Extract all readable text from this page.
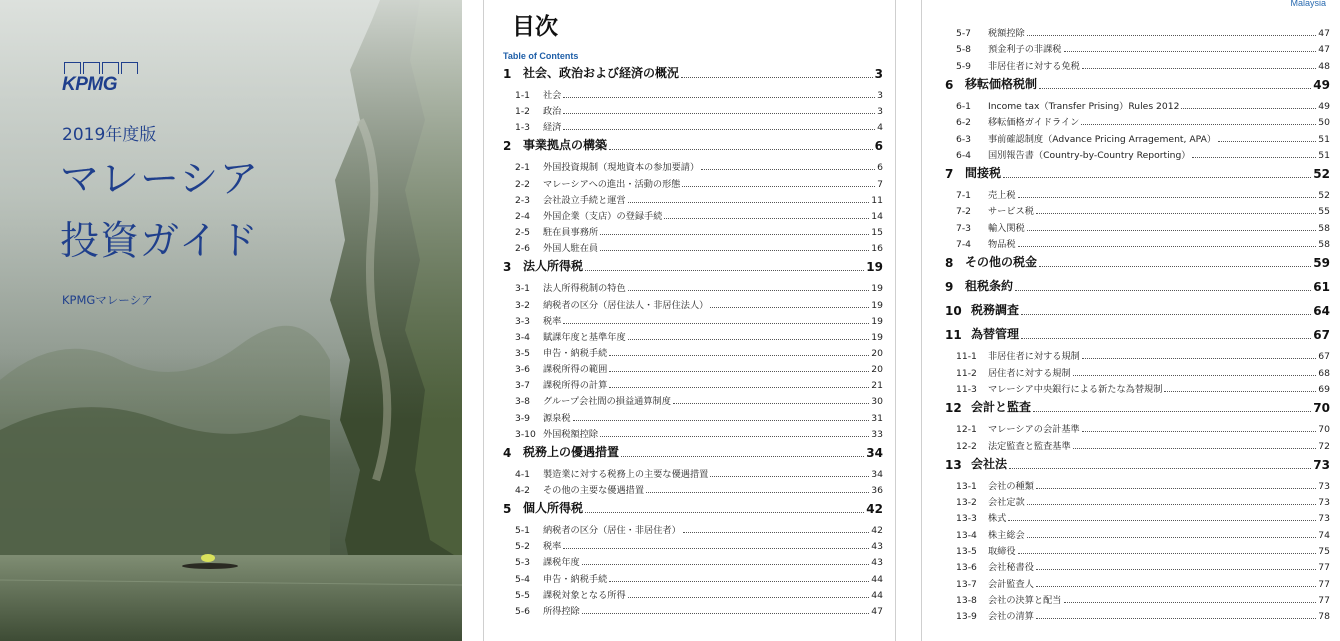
KPMG
2019年度版
マレーシア
投資ガイド
KPMGマレーシア
目次
Table of Contents
1 社会、政治および経済の概況	3
1-1	社会	3
1-2	政治	3
1-3	経済	4
2 事業拠点の構築	6
2-1	外国投資規制（現地資本の参加要請）	6
2-2	マレーシアへの進出・活動の形態	7
2-3	会社設立手続と運営	11
2-4	外国企業（支店）の登録手続	14
2-5	駐在員事務所	15
2-6	外国人駐在員	16
3 法人所得税	19
3-1	法人所得税制の特色	19
3-2	納税者の区分（居住法人・非居住法人）	19
3-3	税率	19
3-4	賦課年度と基準年度	19
3-5	申告・納税手続	20
3-6	課税所得の範囲	20
3-7	課税所得の計算	21
3-8	グループ会社間の損益通算制度	30
3-9	源泉税	31
3-10 外国税額控除	33
4 税務上の優遇措置	34
4-1	製造業に対する税務上の主要な優遇措置	34
4-2	その他の主要な優遇措置	36
5 個人所得税	42
5-1	納税者の区分（居住・非居住者）	42
5-2	税率	43
5-3	課税年度	43
5-4	申告・納税手続	44
5-5	課税対象となる所得	44
5-6	所得控除	47
Malaysia
5-7	税額控除	47
5-8	預金利子の非課税	47
5-9	非居住者に対する免税	48
6 移転価格税制	49
6-1	Income tax（Transfer Prising）Rules 2012	49
6-2	移転価格ガイドライン	50
6-3	事前確認制度（Advance Pricing Arragement, APA）	51
6-4	国別報告書（Country-by-Country Reporting）	51
7 間接税	52
7-1	売上税	52
7-2	サービス税	55
7-3	輸入関税	58
7-4	物品税	58
8 その他の税金	59
9 租税条約	61
10 税務調査	64
11 為替管理	67
11-1	非居住者に対する規制	67
11-2	居住者に対する規制	68
11-3	マレーシア中央銀行による新たな為替規制	69
12 会計と監査	70
12-1	マレーシアの会計基準	70
12-2	法定監査と監査基準	72
13 会社法	73
13-1	会社の種類	73
13-2	会社定款	73
13-3	株式	73
13-4	株主総会	74
13-5	取締役	75
13-6	会社秘書役	77
13-7	会計監査人	77
13-8	会社の決算と配当	77
13-9	会社の清算	78
